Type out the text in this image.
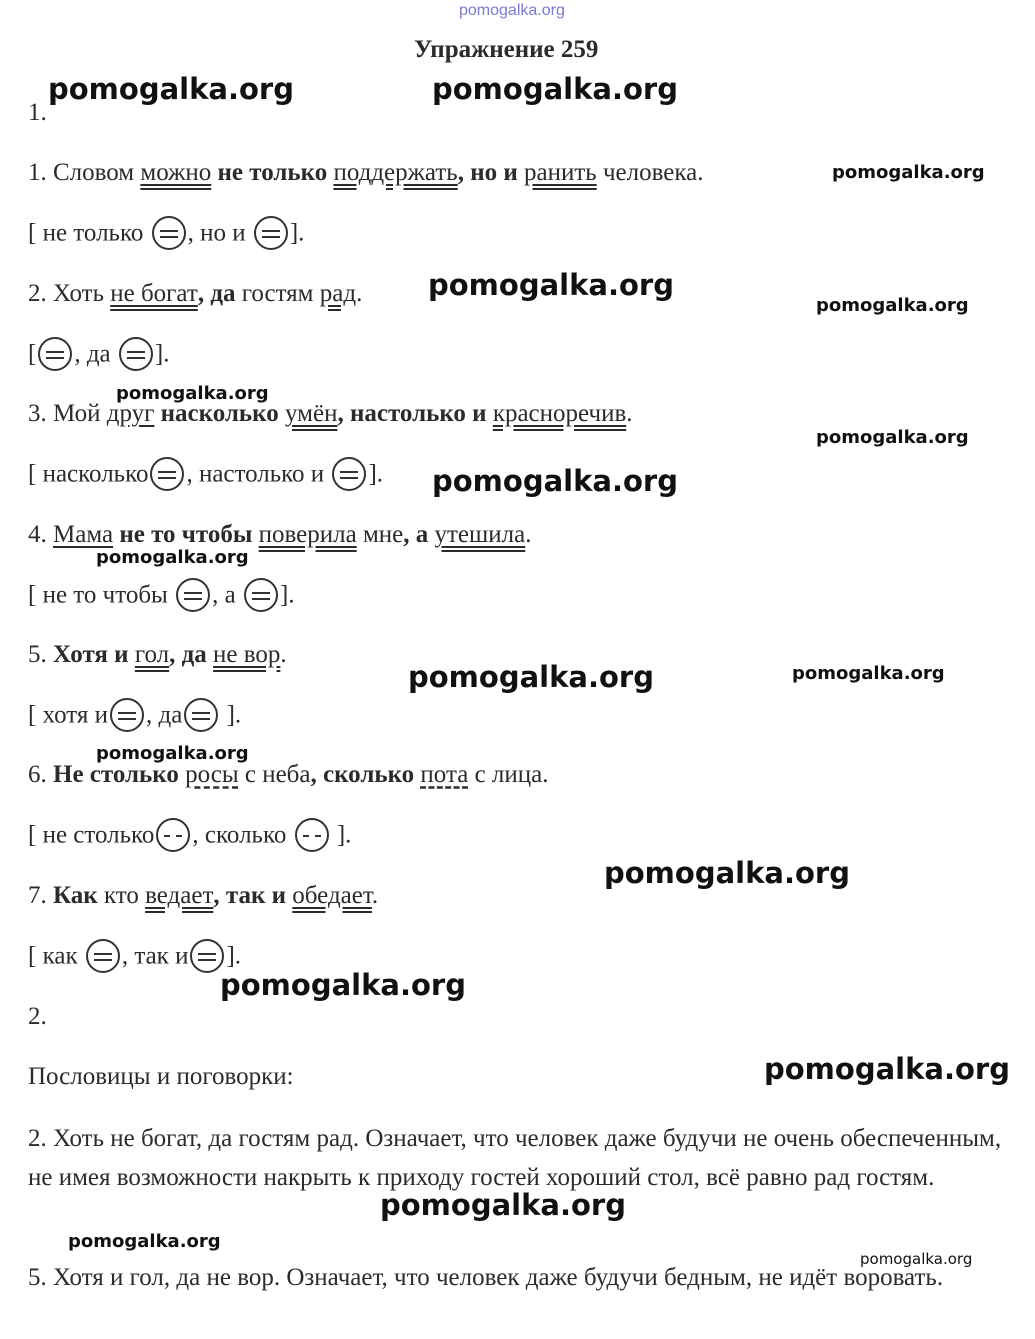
pomogalka.org
Упражнение 259
1.
1. Словом можно не только поддержать, но и ранить человека.
[ не только , но и ].
2. Хоть не богат, да гостям рад.
[ , да ].
3. Мой друг насколько умён, настолько и красноречив.
[ насколько , настолько и ].
4. Мама не то чтобы поверила мне, а утешила.
[ не то чтобы , а ].
5. Хотя и гол, да не вор.
[ хотя и , да ].
6. Не столько росы с неба, сколько пота с лица.
[ не столько , сколько ].
7. Как кто ведает, так и обедает.
[ как , так и ].
2.
Пословицы и поговорки:
2. Хоть не богат, да гостям рад. Означает, что человек даже будучи не очень обеспеченным, не имея возможности накрыть к приходу гостей хороший стол, всё равно рад гостям.
5. Хотя и гол, да не вор. Означает, что человек даже будучи бедным, не идёт воровать.
pomogalka.org	pomogalka.org
pomogalka.org
pomogalka.org
pomogalka.org
pomogalka.org
pomogalka.org
pomogalka.org
pomogalka.org
pomogalka.org	pomogalka.org
pomogalka.org
pomogalka.org
pomogalka.org
pomogalka.org
pomogalka.org
pomogalka.org
pomogalka.org
